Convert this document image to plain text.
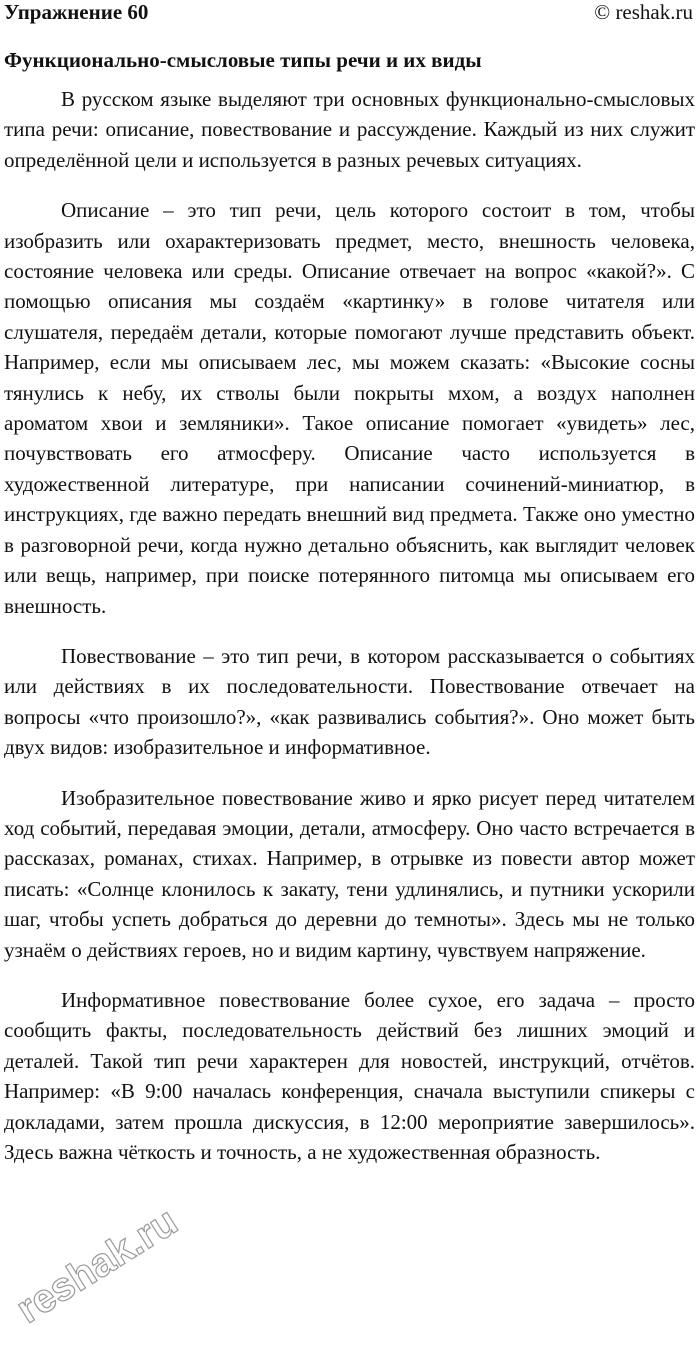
Упражнение 60	© reshak.ru
Функционально-смысловые типы речи и их виды

В русском языке выделяют три основных функционально-смысловых типа речи: описание, повествование и рассуждение. Каждый из них служит определённой цели и используется в разных речевых ситуациях.

Описание – это тип речи, цель которого состоит в том, чтобы изобразить или охарактеризовать предмет, место, внешность человека, состояние человека или среды. Описание отвечает на вопрос «какой?». С помощью описания мы создаём «картинку» в голове читателя или слушателя, передаём детали, которые помогают лучше представить объект. Например, если мы описываем лес, мы можем сказать: «Высокие сосны тянулись к небу, их стволы были покрыты мхом, а воздух наполнен ароматом хвои и земляники». Такое описание помогает «увидеть» лес, почувствовать его атмосферу. Описание часто используется в художественной литературе, при написании сочинений-миниатюр, в инструкциях, где важно передать внешний вид предмета. Также оно уместно в разговорной речи, когда нужно детально объяснить, как выглядит человек или вещь, например, при поиске потерянного питомца мы описываем его внешность.

Повествование – это тип речи, в котором рассказывается о событиях или действиях в их последовательности. Повествование отвечает на вопросы «что произошло?», «как развивались события?». Оно может быть двух видов: изобразительное и информативное.

Изобразительное повествование живо и ярко рисует перед читателем ход событий, передавая эмоции, детали, атмосферу. Оно часто встречается в рассказах, романах, стихах. Например, в отрывке из повести автор может писать: «Солнце клонилось к закату, тени удлинялись, и путники ускорили шаг, чтобы успеть добраться до деревни до темноты». Здесь мы не только узнаём о действиях героев, но и видим картину, чувствуем напряжение.

Информативное повествование более сухое, его задача – просто сообщить факты, последовательность действий без лишних эмоций и деталей. Такой тип речи характерен для новостей, инструкций, отчётов. Например: «В 9:00 началась конференция, сначала выступили спикеры с докладами, затем прошла дискуссия, в 12:00 мероприятие завершилось». Здесь важна чёткость и точность, а не художественная образность.

reshak.ru
